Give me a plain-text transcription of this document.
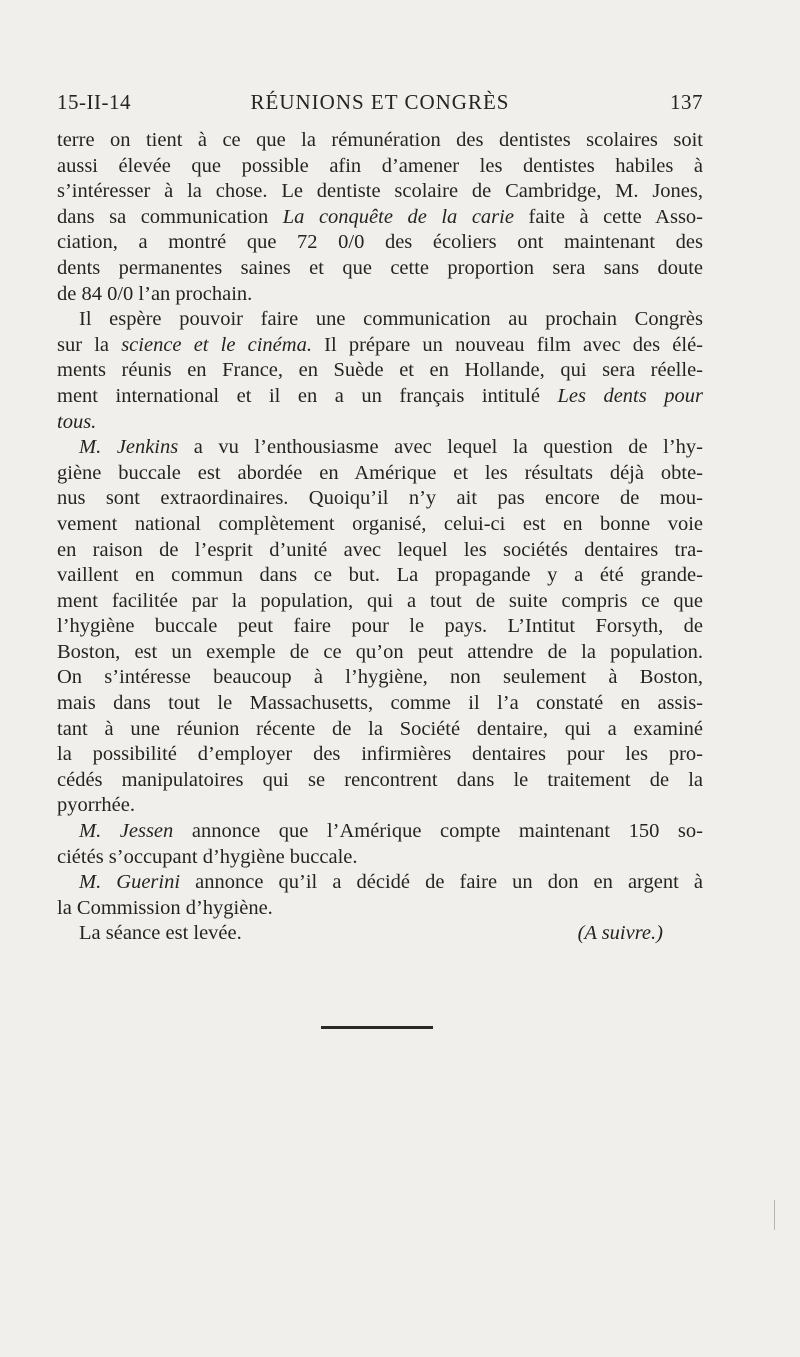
15-II-14	RÉUNIONS ET CONGRÈS	137
terre on tient à ce que la rémunération des dentistes scolaires soit
aussi élevée que possible afin d’amener les dentistes habiles à
s’intéresser à la chose. Le dentiste scolaire de Cambridge, M. Jones,
dans sa communication La conquête de la carie faite à cette Asso-
ciation, a montré que 72 0/0 des écoliers ont maintenant des
dents permanentes saines et que cette proportion sera sans doute
de 84 0/0 l’an prochain.
Il espère pouvoir faire une communication au prochain Congrès
sur la science et le cinéma. Il prépare un nouveau film avec des élé-
ments réunis en France, en Suède et en Hollande, qui sera réelle-
ment international et il en a un français intitulé Les dents pour
tous.
M. Jenkins a vu l’enthousiasme avec lequel la question de l’hy-
giène buccale est abordée en Amérique et les résultats déjà obte-
nus sont extraordinaires. Quoiqu’il n’y ait pas encore de mou-
vement national complètement organisé, celui-ci est en bonne voie
en raison de l’esprit d’unité avec lequel les sociétés dentaires tra-
vaillent en commun dans ce but. La propagande y a été grande-
ment facilitée par la population, qui a tout de suite compris ce que
l’hygiène buccale peut faire pour le pays. L’Intitut Forsyth, de
Boston, est un exemple de ce qu’on peut attendre de la population.
On s’intéresse beaucoup à l’hygiène, non seulement à Boston,
mais dans tout le Massachusetts, comme il l’a constaté en assis-
tant à une réunion récente de la Société dentaire, qui a examiné
la possibilité d’employer des infirmières dentaires pour les pro-
cédés manipulatoires qui se rencontrent dans le traitement de la
pyorrhée.
M. Jessen annonce que l’Amérique compte maintenant 150 so-
ciétés s’occupant d’hygiène buccale.
M. Guerini annonce qu’il a décidé de faire un don en argent à
la Commission d’hygiène.
La séance est levée.	(A suivre.)
